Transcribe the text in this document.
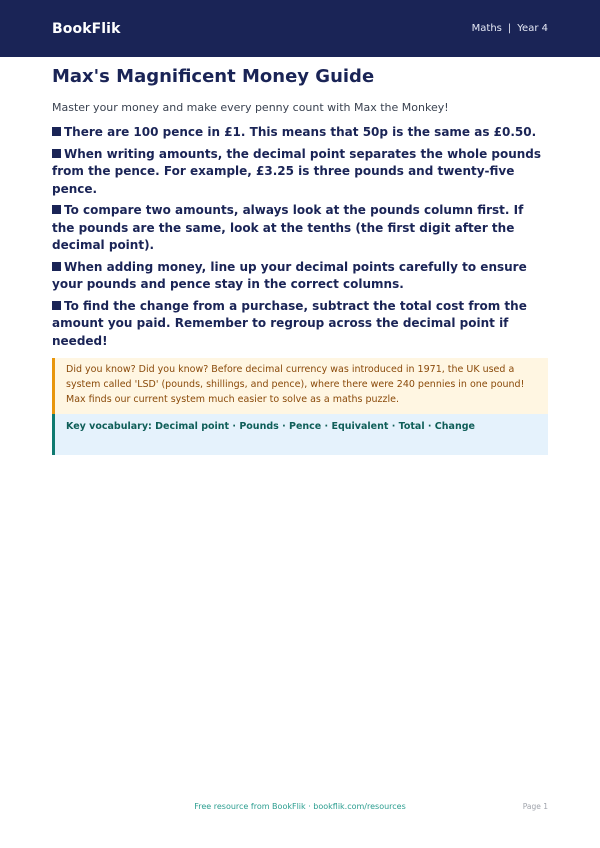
BookFlik	Maths | Year 4
Max's Magnificent Money Guide
Master your money and make every penny count with Max the Monkey!
There are 100 pence in £1. This means that 50p is the same as £0.50.
When writing amounts, the decimal point separates the whole pounds from the pence. For example, £3.25 is three pounds and twenty-five pence.
To compare two amounts, always look at the pounds column first. If the pounds are the same, look at the tenths (the first digit after the decimal point).
When adding money, line up your decimal points carefully to ensure your pounds and pence stay in the correct columns.
To find the change from a purchase, subtract the total cost from the amount you paid. Remember to regroup across the decimal point if needed!
Did you know? Did you know? Before decimal currency was introduced in 1971, the UK used a system called 'LSD' (pounds, shillings, and pence), where there were 240 pennies in one pound! Max finds our current system much easier to solve as a maths puzzle.
Key vocabulary: Decimal point · Pounds · Pence · Equivalent · Total · Change
Free resource from BookFlik · bookflik.com/resources	Page 1
